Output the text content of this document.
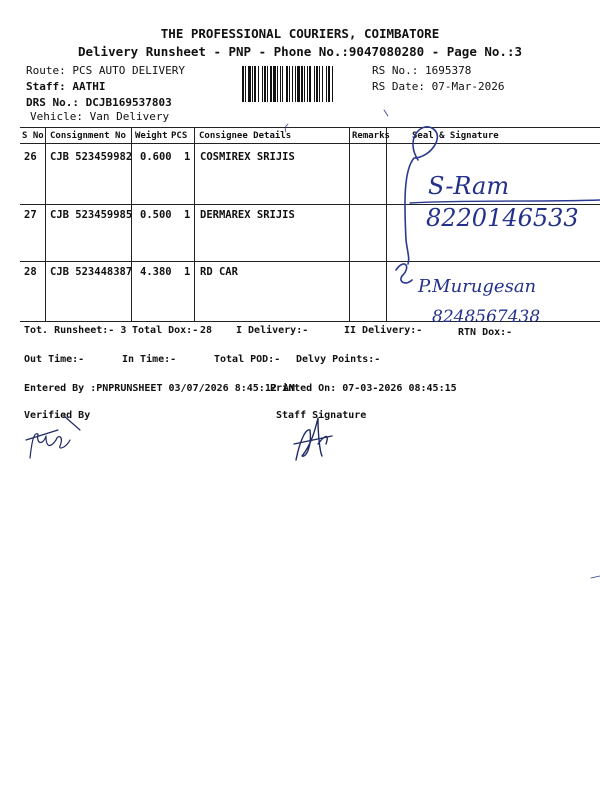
THE PROFESSIONAL COURIERS, COIMBATORE
Delivery Runsheet - PNP - Phone No.:9047080280 - Page No.:3
Route: PCS AUTO DELIVERY
Staff: AATHI
DRS No.: DCJB169537803
Vehicle: Van Delivery
RS No.: 1695378
RS Date: 07-Mar-2026
S No Consignment No Weight PCS Consignee Details	Remarks Seal & Signature
26 CJB 523459982 0.600 1 COSMIREX SRIJIS
27 CJB 523459985 0.500 1 DERMAREX SRIJIS
28 CJB 523448387 4.380 1 RD CAR
S-Ram
8220146533
P.Murugesan
8248567438
Tot. Runsheet:- 3 Total Dox:- 28 I Delivery:-	II Delivery:-	RTN Dox:-
Out Time:-	In Time:-	Total POD:- Delvy Points:-
Entered By :PNPRUNSHEET 03/07/2026 8:45:12 AM
Printed On: 07-03-2026 08:45:15
Verified By	Staff Signature
